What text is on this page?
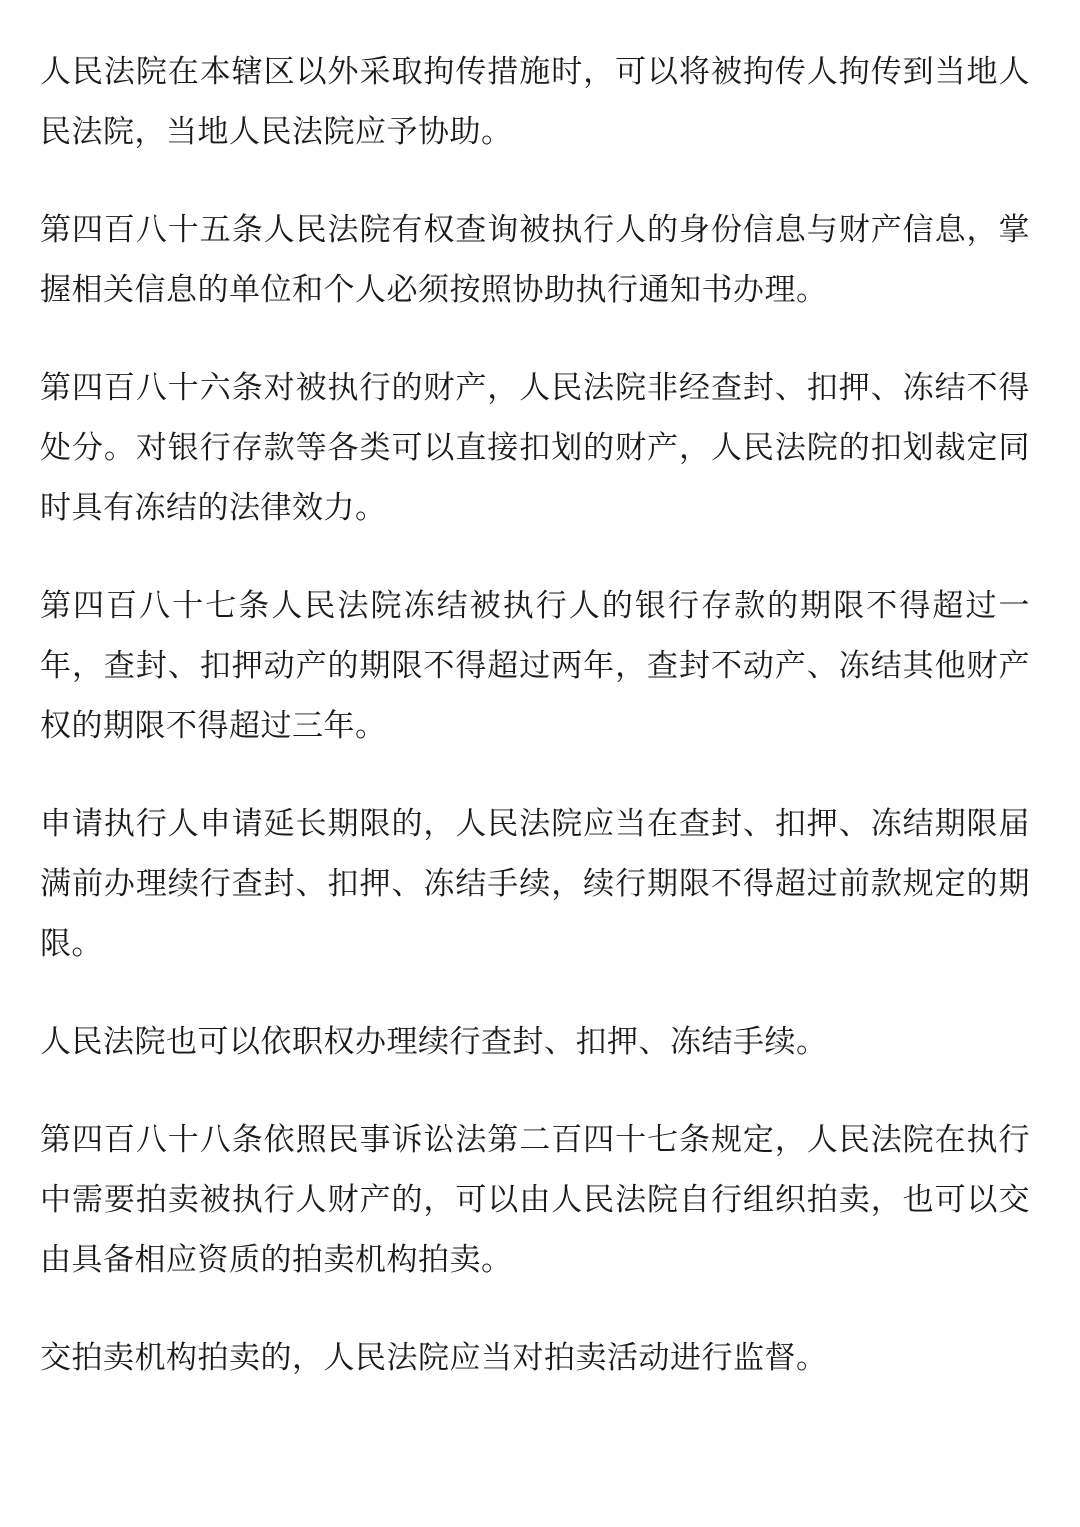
人民法院在本辖区以外采取拘传措施时，可以将被拘传人拘传到当地人民法院，当地人民法院应予协助。

第四百八十五条人民法院有权查询被执行人的身份信息与财产信息，掌握相关信息的单位和个人必须按照协助执行通知书办理。

第四百八十六条对被执行的财产，人民法院非经查封、扣押、冻结不得处分。对银行存款等各类可以直接扣划的财产，人民法院的扣划裁定同时具有冻结的法律效力。

第四百八十七条人民法院冻结被执行人的银行存款的期限不得超过一年，查封、扣押动产的期限不得超过两年，查封不动产、冻结其他财产权的期限不得超过三年。

申请执行人申请延长期限的，人民法院应当在查封、扣押、冻结期限届满前办理续行查封、扣押、冻结手续，续行期限不得超过前款规定的期限。

人民法院也可以依职权办理续行查封、扣押、冻结手续。

第四百八十八条依照民事诉讼法第二百四十七条规定，人民法院在执行中需要拍卖被执行人财产的，可以由人民法院自行组织拍卖，也可以交由具备相应资质的拍卖机构拍卖。

交拍卖机构拍卖的，人民法院应当对拍卖活动进行监督。
